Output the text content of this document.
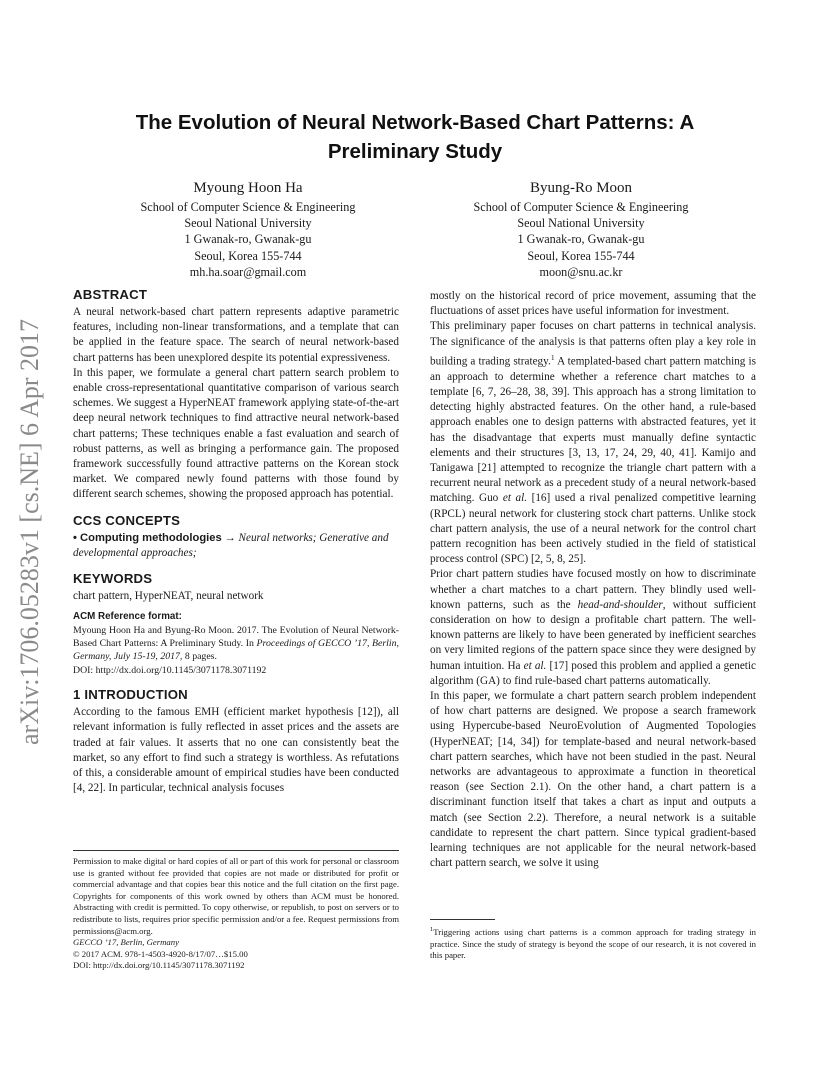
arXiv:1706.05283v1 [cs.NE] 6 Apr 2017
The Evolution of Neural Network-Based Chart Patterns: A
Preliminary Study
Myoung Hoon Ha
School of Computer Science & Engineering
Seoul National University
1 Gwanak-ro, Gwanak-gu
Seoul, Korea 155-744
mh.ha.soar@gmail.com
Byung-Ro Moon
School of Computer Science & Engineering
Seoul National University
1 Gwanak-ro, Gwanak-gu
Seoul, Korea 155-744
moon@snu.ac.kr
ABSTRACT

A neural network-based chart pattern represents adaptive parametric features, including non-linear transformations, and a template that can be applied in the feature space. The search of neural network-based chart patterns has been unexplored despite its potential expressiveness.

In this paper, we formulate a general chart pattern search problem to enable cross-representational quantitative comparison of various search schemes. We suggest a HyperNEAT framework applying state-of-the-art deep neural network techniques to find attractive neural network-based chart patterns; These techniques enable a fast evaluation and search of robust patterns, as well as bringing a performance gain. The proposed framework successfully found attractive patterns on the Korean stock market. We compared newly found patterns with those found by different search schemes, showing the proposed approach has potential.

CCS CONCEPTS

• Computing methodologies → Neural networks; Generative and developmental approaches;

KEYWORDS

chart pattern, HyperNEAT, neural network

ACM Reference format:

Myoung Hoon Ha and Byung-Ro Moon. 2017. The Evolution of Neural Network-Based Chart Patterns: A Preliminary Study. In Proceedings of GECCO ’17, Berlin, Germany, July 15-19, 2017, 8 pages.

DOI: http://dx.doi.org/10.1145/3071178.3071192

1 INTRODUCTION

According to the famous EMH (efficient market hypothesis [12]), all relevant information is fully reflected in asset prices and the assets are traded at fair values. It asserts that no one can consistently beat the market, so any effort to find such a strategy is worthless. As refutations of this, a considerable amount of empirical studies have been conducted [4, 22]. In particular, technical analysis focuses

Permission to make digital or hard copies of all or part of this work for personal or classroom use is granted without fee provided that copies are not made or distributed for profit or commercial advantage and that copies bear this notice and the full citation on the first page. Copyrights for components of this work owned by others than ACM must be honored. Abstracting with credit is permitted. To copy otherwise, or republish, to post on servers or to redistribute to lists, requires prior specific permission and/or a fee. Request permissions from permissions@acm.org.

GECCO ’17, Berlin, Germany

© 2017 ACM. 978-1-4503-4920-8/17/07…$15.00

DOI: http://dx.doi.org/10.1145/3071178.3071192

mostly on the historical record of price movement, assuming that the fluctuations of asset prices have useful information for investment.

This preliminary paper focuses on chart patterns in technical analysis. The significance of the analysis is that patterns often play a key role in building a trading strategy.$^1$ A templated-based chart pattern matching is an approach to determine whether a reference chart matches to a template [6, 7, 26–28, 38, 39]. This approach has a strong limitation to detecting highly abstracted features. On the other hand, a rule-based approach enables one to design patterns with abstracted features, yet it has the disadvantage that experts must manually define syntactic elements and their structures [3, 13, 17, 24, 29, 40, 41]. Kamijo and Tanigawa [21] attempted to recognize the triangle chart pattern with a recurrent neural network as a precedent study of a neural network-based matching. Guo et al. [16] used a rival penalized competitive learning (RPCL) neural network for clustering stock chart patterns. Unlike stock chart pattern analysis, the use of a neural network for the control chart pattern recognition has been actively studied in the field of statistical process control (SPC) [2, 5, 8, 25].

Prior chart pattern studies have focused mostly on how to discriminate whether a chart matches to a chart pattern. They blindly used well-known patterns, such as the head-and-shoulder, without sufficient consideration on how to design a profitable chart pattern. The well-known patterns are likely to have been generated by inefficient searches on very limited regions of the pattern space since they were designed by human intuition. Ha et al. [17] posed this problem and applied a genetic algorithm (GA) to find rule-based chart patterns automatically.

In this paper, we formulate a chart pattern search problem independent of how chart patterns are designed. We propose a search framework using Hypercube-based NeuroEvolution of Augmented Topologies (HyperNEAT; [14, 34]) for template-based and neural network-based chart pattern searches, which have not been studied in the past. Neural networks are advantageous to approximate a function in theoretical reason (see Section 2.1). On the other hand, a chart pattern is a discriminant function itself that takes a chart as input and outputs a match (see Section 2.2). Therefore, a neural network is a suitable candidate to represent the chart pattern. Since typical gradient-based learning techniques are not applicable for the neural network-based chart pattern search, we solve it using

$^1$Triggering actions using chart patterns is a common approach for trading strategy in practice. Since the study of strategy is beyond the scope of our research, it is not covered in this paper.
